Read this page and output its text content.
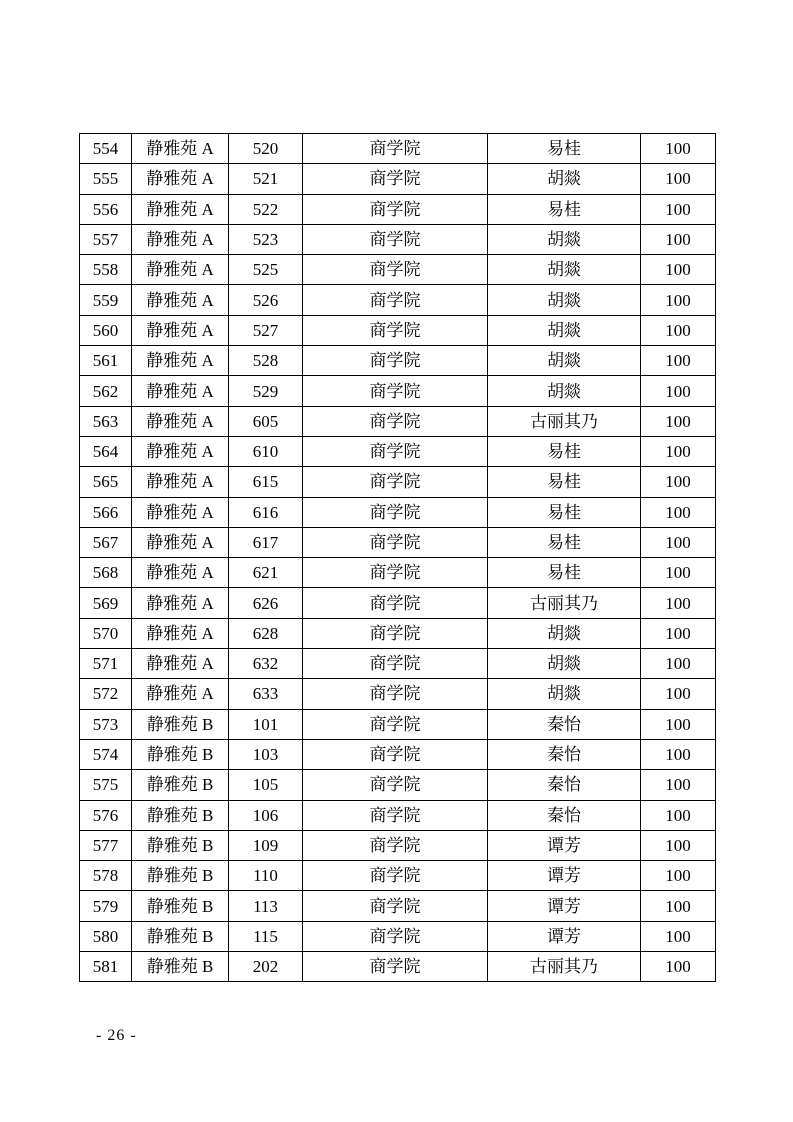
554	静雅苑 A	520	商学院	易桂	100
555	静雅苑 A	521	商学院	胡燚	100
556	静雅苑 A	522	商学院	易桂	100
557	静雅苑 A	523	商学院	胡燚	100
558	静雅苑 A	525	商学院	胡燚	100
559	静雅苑 A	526	商学院	胡燚	100
560	静雅苑 A	527	商学院	胡燚	100
561	静雅苑 A	528	商学院	胡燚	100
562	静雅苑 A	529	商学院	胡燚	100
563	静雅苑 A	605	商学院	古丽其乃	100
564	静雅苑 A	610	商学院	易桂	100
565	静雅苑 A	615	商学院	易桂	100
566	静雅苑 A	616	商学院	易桂	100
567	静雅苑 A	617	商学院	易桂	100
568	静雅苑 A	621	商学院	易桂	100
569	静雅苑 A	626	商学院	古丽其乃	100
570	静雅苑 A	628	商学院	胡燚	100
571	静雅苑 A	632	商学院	胡燚	100
572	静雅苑 A	633	商学院	胡燚	100
573	静雅苑 B	101	商学院	秦怡	100
574	静雅苑 B	103	商学院	秦怡	100
575	静雅苑 B	105	商学院	秦怡	100
576	静雅苑 B	106	商学院	秦怡	100
577	静雅苑 B	109	商学院	谭芳	100
578	静雅苑 B	110	商学院	谭芳	100
579	静雅苑 B	113	商学院	谭芳	100
580	静雅苑 B	115	商学院	谭芳	100
581	静雅苑 B	202	商学院	古丽其乃	100
- 26 -
